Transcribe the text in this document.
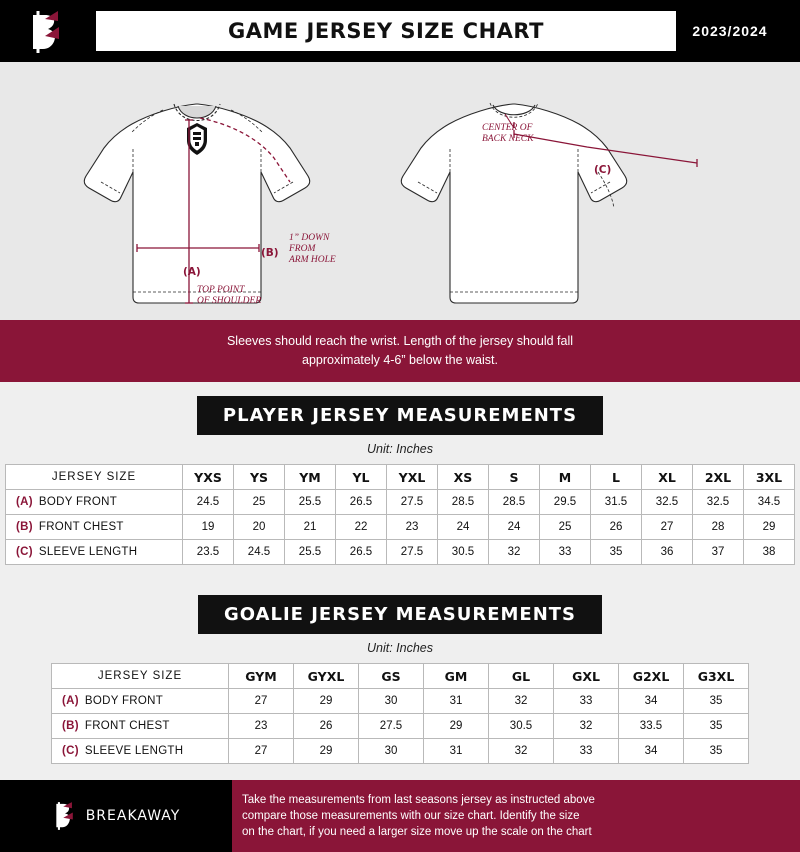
GAME JERSEY SIZE CHART	2023/2024
(B)
(A)
1” DOWN
FROM
ARM HOLE
TOP POINT
OF SHOULDER
CENTER OF
BACK NECK
(C)
Sleeves should reach the wrist. Length of the jersey should fall
approximately 4-6” below the waist.
PLAYER JERSEY MEASUREMENTS
Unit: Inches
JERSEY SIZE	YXS	YS	YM	YL	YXL	XS	S	M	L	XL	2XL	3XL
(A) BODY FRONT	24.5	25	25.5	26.5	27.5	28.5	28.5	29.5	31.5	32.5	32.5	34.5
(B) FRONT CHEST	19	20	21	22	23	24	24	25	26	27	28	29
(C) SLEEVE LENGTH	23.5	24.5	25.5	26.5	27.5	30.5	32	33	35	36	37	38
GOALIE JERSEY MEASUREMENTS
Unit: Inches
JERSEY SIZE	GYM	GYXL	GS	GM	GL	GXL	G2XL	G3XL
(A) BODY FRONT	27	29	30	31	32	33	34	35
(B) FRONT CHEST	23	26	27.5	29	30.5	32	33.5	35
(C) SLEEVE LENGTH	27	29	30	31	32	33	34	35
BREAKAWAY
Take the measurements from last seasons jersey as instructed above
compare those measurements with our size chart. Identify the size
on the chart, if you need a larger size move up the scale on the chart
